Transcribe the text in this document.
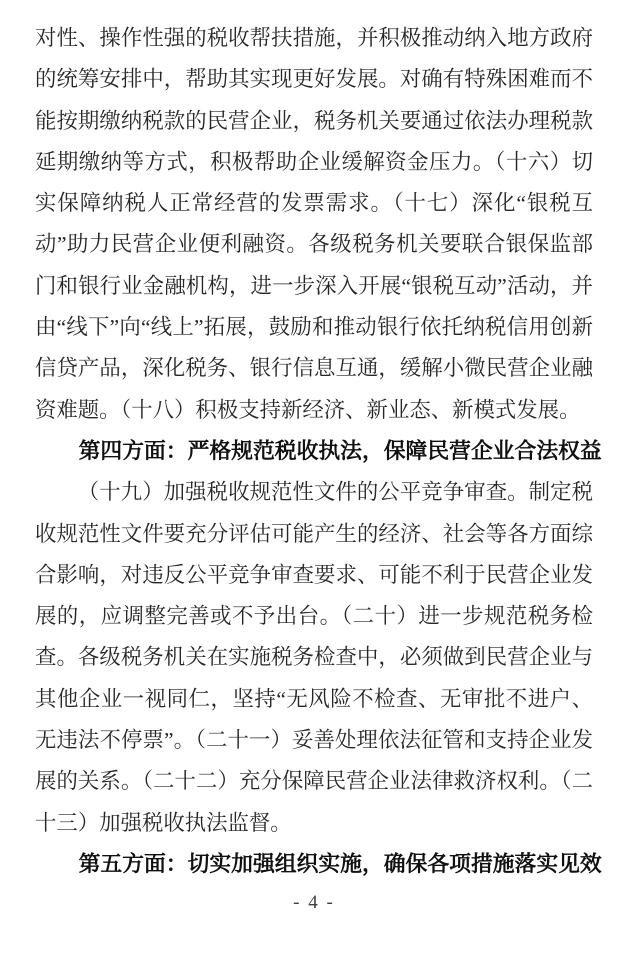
对性、操作性强的税收帮扶措施，并积极推动纳入地方政府的统筹安排中，帮助其实现更好发展。对确有特殊困难而不能按期缴纳税款的民营企业，税务机关要通过依法办理税款延期缴纳等方式，积极帮助企业缓解资金压力。（十六）切实保障纳税人正常经营的发票需求。（十七）深化“银税互动”助力民营企业便利融资。各级税务机关要联合银保监部门和银行业金融机构，进一步深入开展“银税互动”活动，并由“线下”向“线上”拓展，鼓励和推动银行依托纳税信用创新信贷产品，深化税务、银行信息互通，缓解小微民营企业融资难题。（十八）积极支持新经济、新业态、新模式发展。

第四方面：严格规范税收执法，保障民营企业合法权益

（十九）加强税收规范性文件的公平竞争审查。制定税收规范性文件要充分评估可能产生的经济、社会等各方面综合影响，对违反公平竞争审查要求、可能不利于民营企业发展的，应调整完善或不予出台。（二十）进一步规范税务检查。各级税务机关在实施税务检查中，必须做到民营企业与其他企业一视同仁，坚持“无风险不检查、无审批不进户、无违法不停票”。（二十一）妥善处理依法征管和支持企业发展的关系。（二十二）充分保障民营企业法律救济权利。（二十三）加强税收执法监督。

第五方面：切实加强组织实施，确保各项措施落实见效
- 4 -
